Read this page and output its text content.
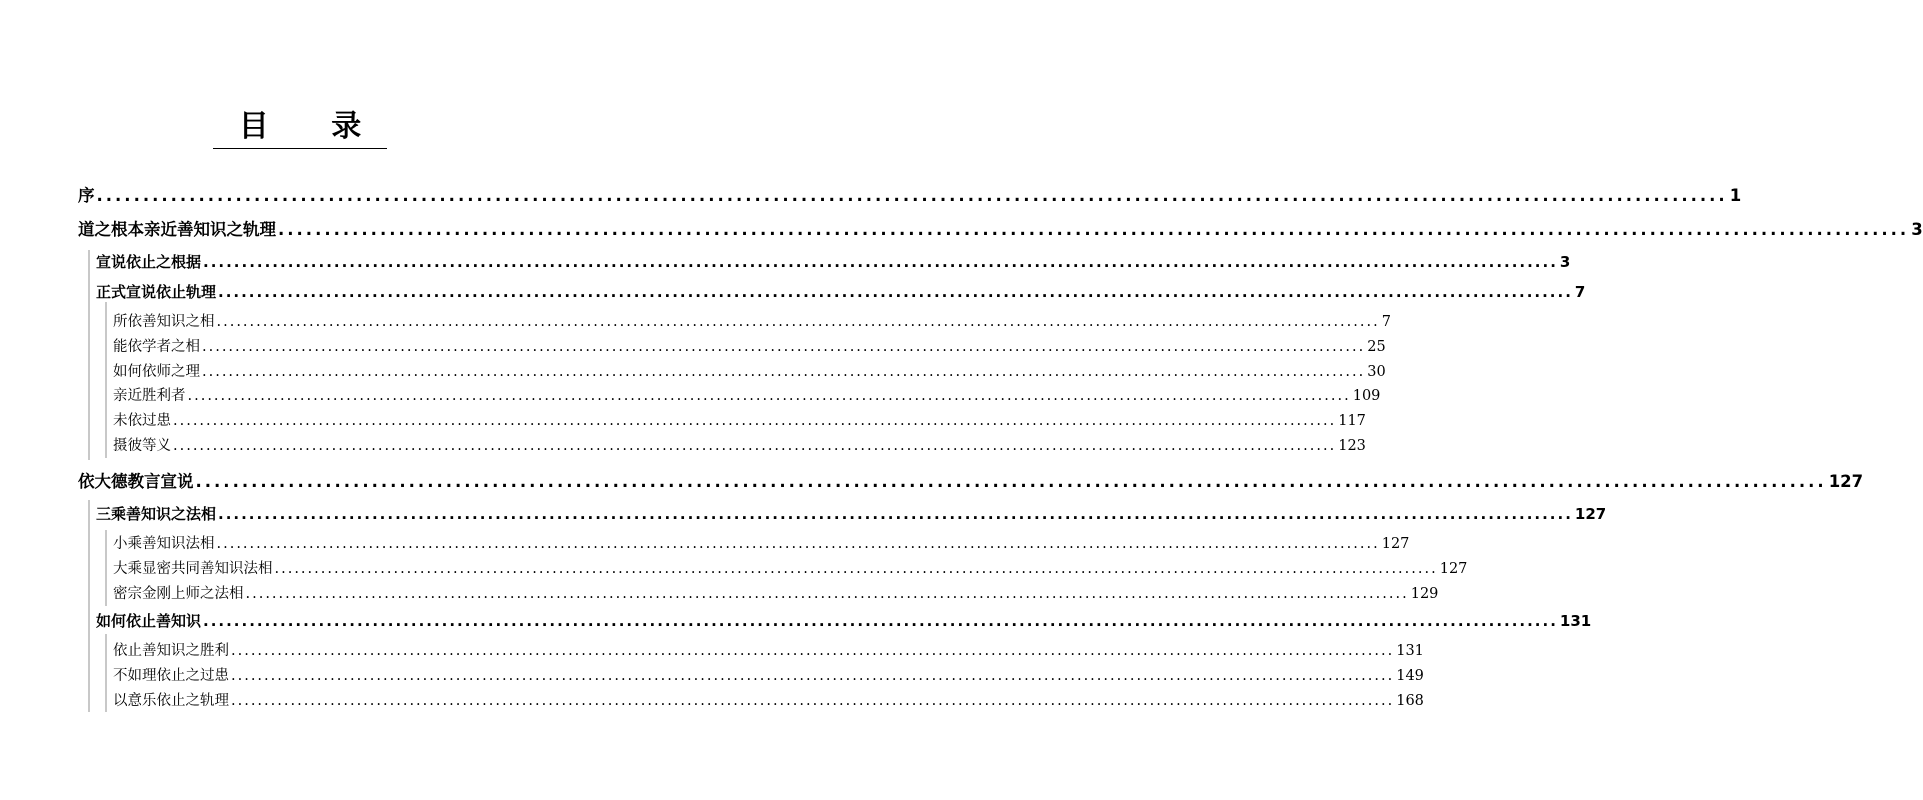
目 录
序 ................................................................................................................................................................................ 1
道之根本亲近善知识之轨理 ................................................................................................................................................................................ 3
宣说依止之根据 ................................................................................................................................................................................ 3
正式宣说依止轨理 ................................................................................................................................................................................ 7
所依善知识之相 ................................................................................................................................................................................ 7
能依学者之相 ................................................................................................................................................................................ 25
如何依师之理 ................................................................................................................................................................................ 30
亲近胜利者 ................................................................................................................................................................................ 109
未依过患 ................................................................................................................................................................................ 117
摄彼等义 ................................................................................................................................................................................ 123
依大德教言宣说 ................................................................................................................................................................................ 127
三乘善知识之法相 ................................................................................................................................................................................ 127
小乘善知识法相 ................................................................................................................................................................................ 127
大乘显密共同善知识法相 ................................................................................................................................................................................ 127
密宗金刚上师之法相 ................................................................................................................................................................................ 129
如何依止善知识 ................................................................................................................................................................................ 131
依止善知识之胜利 ................................................................................................................................................................................ 131
不如理依止之过患 ................................................................................................................................................................................ 149
以意乐依止之轨理 ................................................................................................................................................................................ 168
